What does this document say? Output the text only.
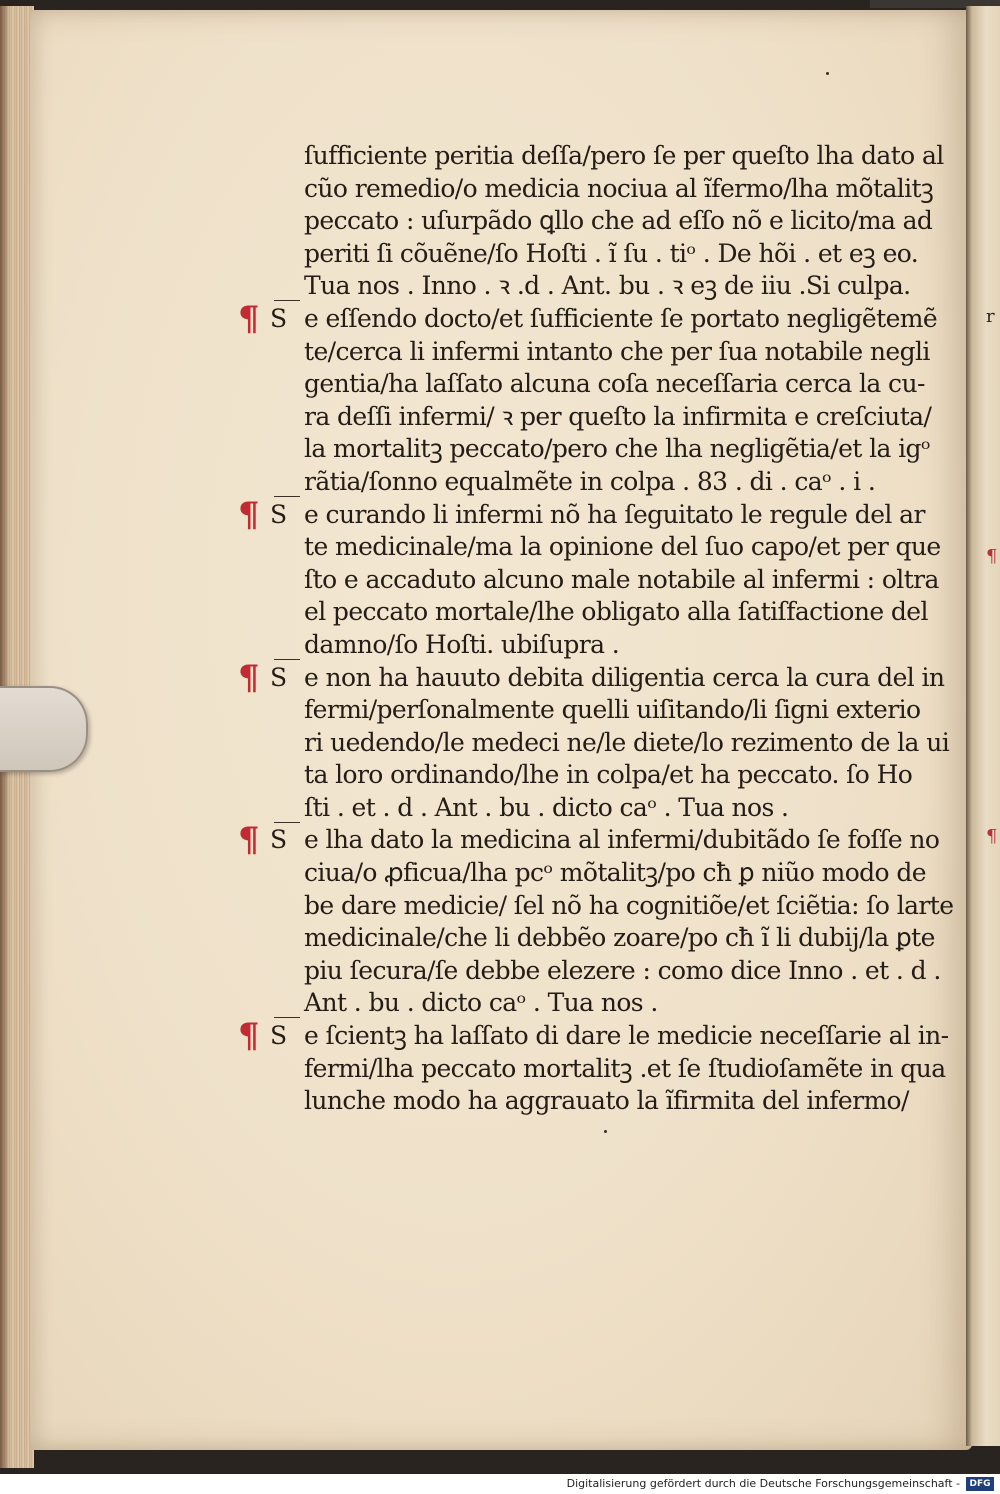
r
¶
¶
ſufficiente peritia deſſa/pero ſe per queſto lha dato al
cũo remedio/o medicia nociua al ĩfermo/lha mõtalitꝫ
peccato : uſurpãdo ꝗllo che ad eſſo nõ e licito/ma ad
periti ſi cõuẽne/ſo Hoſti . ĩ ſu . tiᵒ . De hõi . et eꝫ eo.
Tua nos . Inno . ꝛ .d . Ant. bu . ꝛ eꝫ de iiu .Si culpa.
¶ S e eſſendo docto/et ſufficiente ſe portato negligẽtemẽ
te/cerca li infermi intanto che per ſua notabile negli
gentia/ha laſſato alcuna coſa neceſſaria cerca la cu-
ra deſſi infermi/ ꝛ per queſto la infirmita e creſciuta/
la mortalitꝫ peccato/pero che lha negligẽtia/et la igᵒ
rãtia/ſonno equalmẽte in colpa . 83 . di . caᵒ . i .
¶ S e curando li infermi nõ ha ſeguitato le regule del ar
te medicinale/ma la opinione del ſuo capo/et per que
ſto e accaduto alcuno male notabile al infermi : oltra
el peccato mortale/lhe obligato alla ſatiſfactione del
damno/ſo Hoſti. ubiſupra .
¶ S e non ha hauuto debita diligentia cerca la cura del in
fermi/perſonalmente quelli uiſitando/li ſigni exterio
ri uedendo/le medeci ne/le diete/lo rezimento de la ui
ta loro ordinando/lhe in colpa/et ha peccato. ſo Ho
ſti . et . d . Ant . bu . dicto caᵒ . Tua nos .
¶ S e lha dato la medicina al infermi/dubitãdo ſe foſſe no
ciua/o ꝓficua/lha pcᵒ mõtalitꝫ/po cħ ꝑ niũo modo de
be dare medicie/ ſel nõ ha cognitiõe/et ſciẽtia: ſo larte
medicinale/che li debbẽo zoare/po cħ ĩ li dubij/la ꝑte
piu ſecura/ſe debbe elezere : como dice Inno . et . d .
Ant . bu . dicto caᵒ . Tua nos .
¶ S e ſcientꝫ ha laſſato di dare le medicie neceſſarie al in-
fermi/lha peccato mortalitꝫ .et ſe ſtudioſamẽte in qua
lunche modo ha aggrauato la ĩfirmita del infermo/
Digitalisierung gefördert durch die Deutsche Forschungsgemeinschaft -	DFG
